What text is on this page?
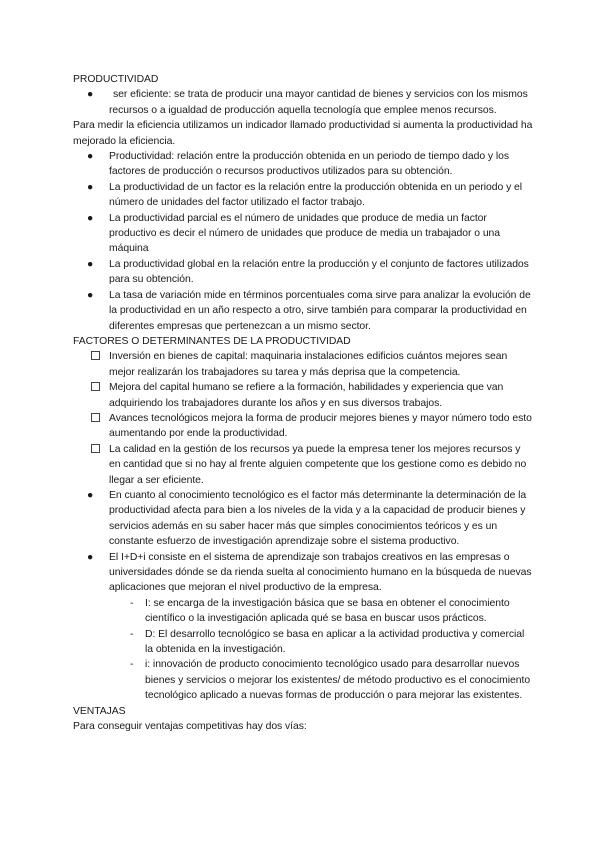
PRODUCTIVIDAD

●	ser eficiente: se trata de producir una mayor cantidad de bienes y servicios con los mismos recursos o a igualdad de producción aquella tecnología que emplee menos recursos.

Para medir la eficiencia utilizamos un indicador llamado productividad si aumenta la productividad ha mejorado la eficiencia.

●	Productividad: relación entre la producción obtenida en un periodo de tiempo dado y los factores de producción o recursos productivos utilizados para su obtención.
●	La productividad de un factor es la relación entre la producción obtenida en un periodo y el número de unidades del factor utilizado el factor trabajo.
●	La productividad parcial es el número de unidades que produce de media un factor productivo es decir el número de unidades que produce de media un trabajador o una máquina
●	La productividad global en la relación entre la producción y el conjunto de factores utilizados para su obtención.
●	La tasa de variación mide en términos porcentuales coma sirve para analizar la evolución de la productividad en un año respecto a otro, sirve también para comparar la productividad en diferentes empresas que pertenezcan a un mismo sector.

FACTORES O DETERMINANTES DE LA PRODUCTIVIDAD

Inversión en bienes de capital: maquinaria instalaciones edificios cuántos mejores sean mejor realizarán los trabajadores su tarea y más deprisa que la competencia.
Mejora del capital humano se refiere a la formación, habilidades y experiencia que van adquiriendo los trabajadores durante los años y en sus diversos trabajos.
Avances tecnológicos mejora la forma de producir mejores bienes y mayor número todo esto aumentando por ende la productividad.
La calidad en la gestión de los recursos ya puede la empresa tener los mejores recursos y en cantidad que si no hay al frente alguien competente que los gestione como es debido no llegar a ser eficiente.
●	En cuanto al conocimiento tecnológico es el factor más determinante la determinación de la productividad afecta para bien a los niveles de la vida y a la capacidad de producir bienes y servicios además en su saber hacer más que simples conocimientos teóricos y es un constante esfuerzo de investigación aprendizaje sobre el sistema productivo.
●	El I+D+i consiste en el sistema de aprendizaje son trabajos creativos en las empresas o universidades dónde se da rienda suelta al conocimiento humano en la búsqueda de nuevas aplicaciones que mejoran el nivel productivo de la empresa.
-	I: se encarga de la investigación básica que se basa en obtener el conocimiento científico o la investigación aplicada qué se basa en buscar usos prácticos.
-	D: El desarrollo tecnológico se basa en aplicar a la actividad productiva y comercial la obtenida en la investigación.
-	i: innovación de producto conocimiento tecnológico usado para desarrollar nuevos bienes y servicios o mejorar los existentes/ de método productivo es el conocimiento tecnológico aplicado a nuevas formas de producción o para mejorar las existentes.

VENTAJAS

Para conseguir ventajas competitivas hay dos vías:
